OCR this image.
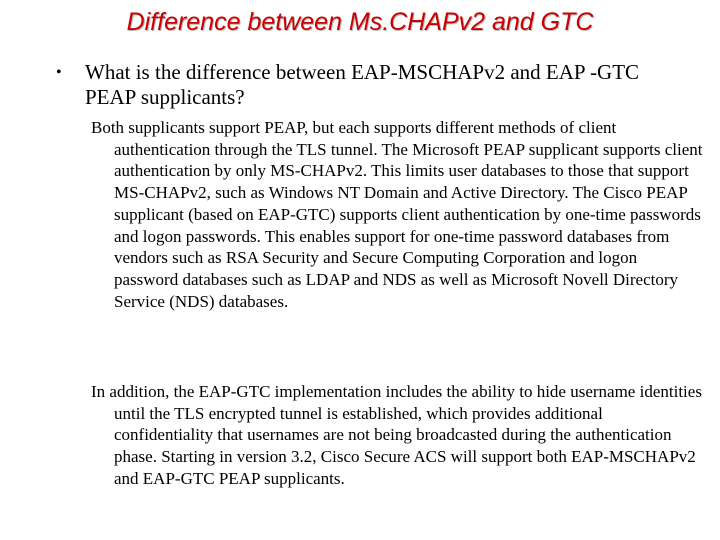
Difference between Ms.CHAPv2 and GTC
•	What is the difference between EAP-MSCHAPv2 and EAP -GTC PEAP supplicants?

Both supplicants support PEAP, but each supports different methods of client authentication through the TLS tunnel. The Microsoft PEAP supplicant supports client authentication by only MS-CHAPv2. This limits user databases to those that support MS-CHAPv2, such as Windows NT Domain and Active Directory. The Cisco PEAP supplicant (based on EAP-GTC) supports client authentication by one-time passwords and logon passwords. This enables support for one-time password databases from vendors such as RSA Security and Secure Computing Corporation and logon password databases such as LDAP and NDS as well as Microsoft Novell Directory Service (NDS) databases.

In addition, the EAP-GTC implementation includes the ability to hide username identities until the TLS encrypted tunnel is established, which provides additional confidentiality that usernames are not being broadcasted during the authentication phase. Starting in version 3.2, Cisco Secure ACS will support both EAP-MSCHAPv2 and EAP-GTC PEAP supplicants.
